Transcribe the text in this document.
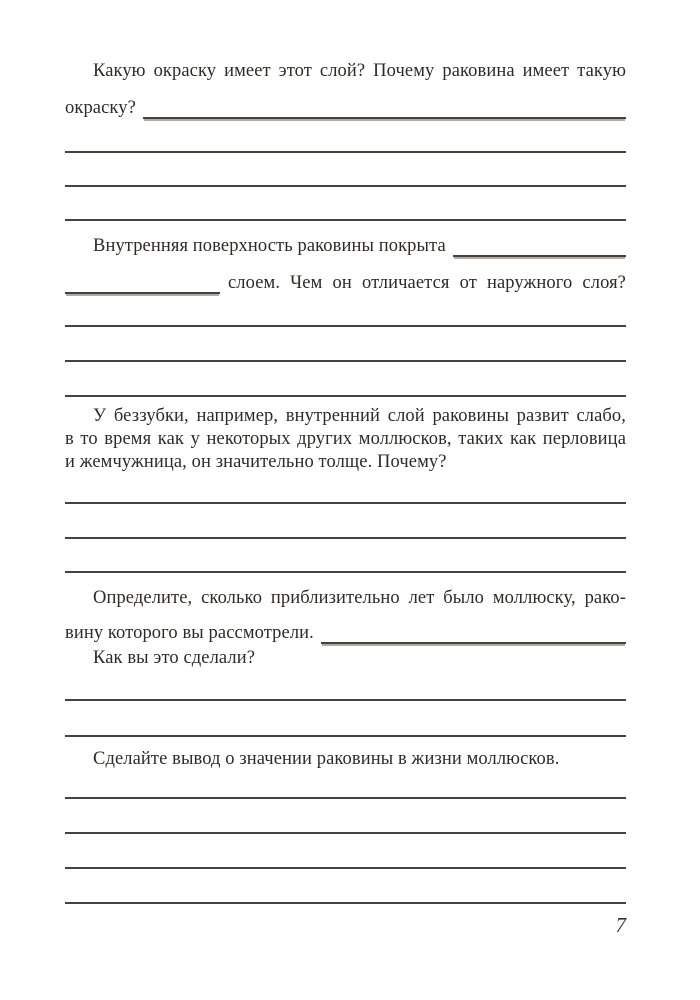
Какую окраску имеет этот слой? Почему раковина имеет такую
окраску?
Внутренняя поверхность раковины покрыта
слоем. Чем он отличается от наружного слоя?
У беззубки, например, внутренний слой раковины развит слабо,
в то время как у некоторых других моллюсков, таких как перловица
и жемчужница, он значительно толще. Почему?
Определите, сколько приблизительно лет было моллюску, рако-
вину которого вы рассмотрели.
Как вы это сделали?
Сделайте вывод о значении раковины в жизни моллюсков.
7
